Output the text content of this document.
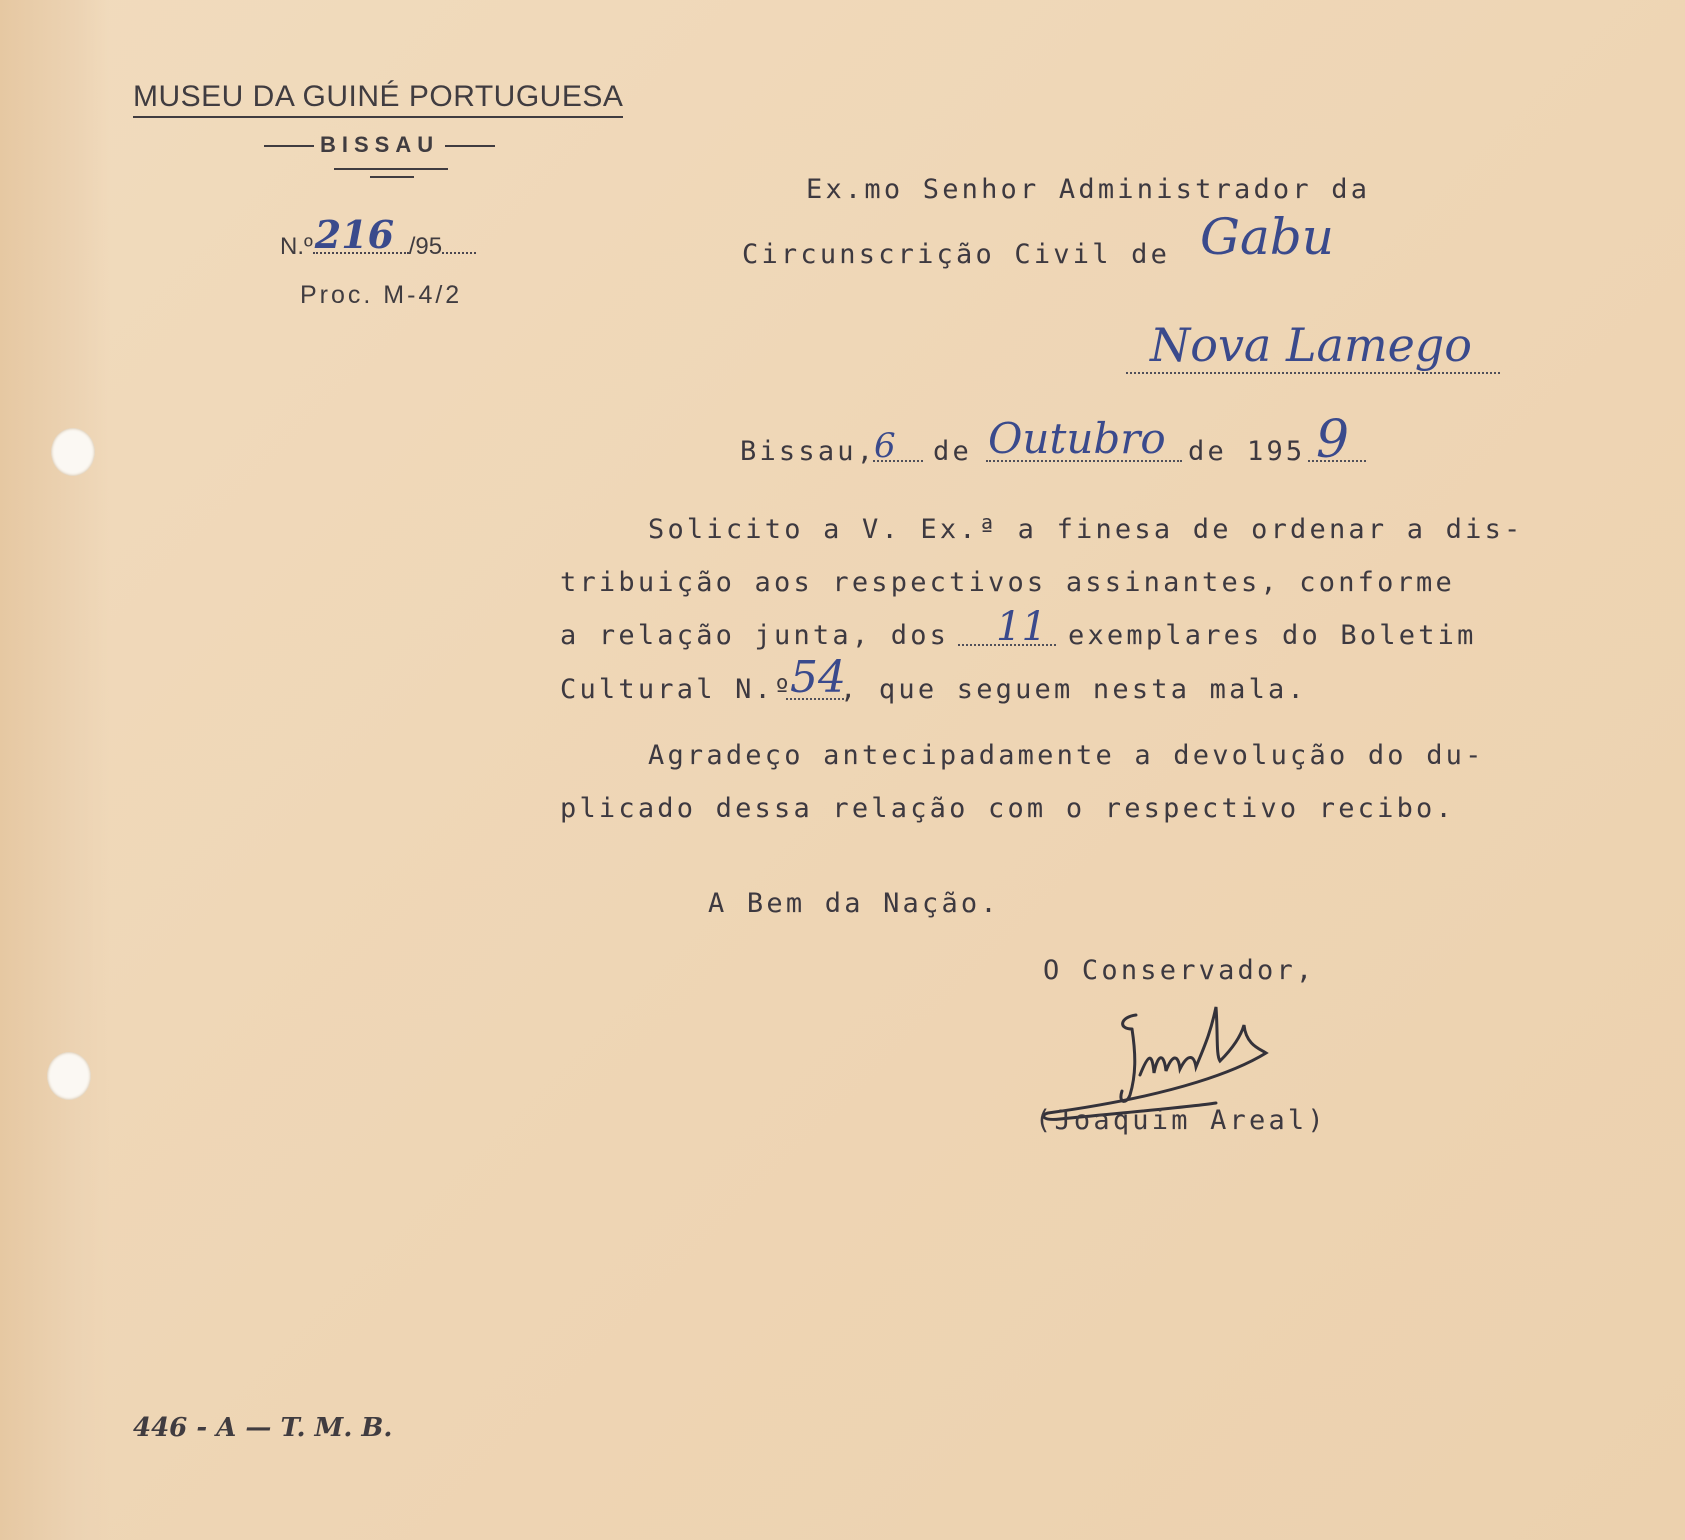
MUSEU DA GUINÉ PORTUGUESA
BISSAU
N.º 216 /95
Proc. M-4/2
Ex.mo Senhor Administrador da
Circunscrição Civil de Gabu
Nova Lamego
Bissau,
6 de Outubro de 195 9
Solicito a V. Ex.ª a finesa de ordenar a dis-
tribuição aos respectivos assinantes, conforme
a relação junta, dos 11 exemplares do Boletim
Cultural N.º
54
, que seguem nesta mala.
Agradeço antecipadamente a devolução do du-
plicado dessa relação com o respectivo recibo.
A Bem da Nação.
O Conservador,
(Joaquim Areal)
446 - A — T. M. B.
